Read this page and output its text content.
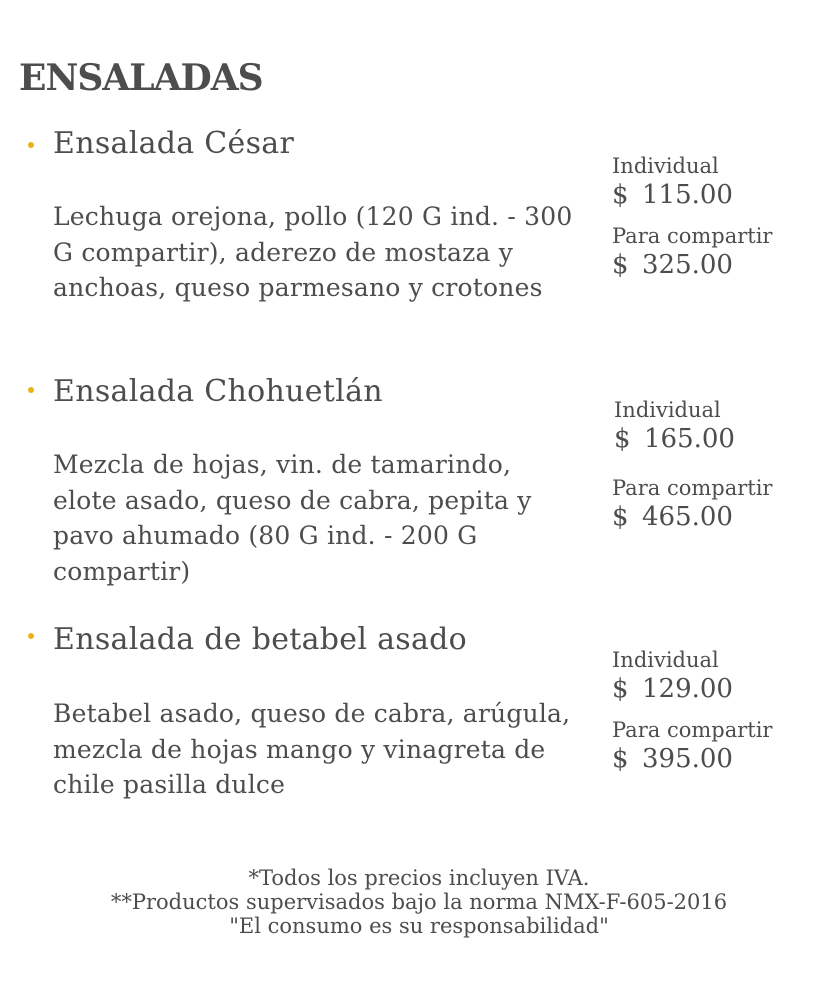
ENSALADAS
Ensalada César
Lechuga orejona, pollo (120 G ind. - 300 G compartir), aderezo de mostaza y anchoas, queso parmesano y crotones
Individual
$ 115.00
Para compartir
$ 325.00
Ensalada Chohuetlán
Mezcla de hojas, vin. de tamarindo, elote asado, queso de cabra, pepita y pavo ahumado (80 G ind. - 200 G compartir)
Individual
$ 165.00
Para compartir
$ 465.00
Ensalada de betabel asado
Betabel asado, queso de cabra, arúgula, mezcla de hojas mango y vinagreta de chile pasilla dulce
Individual
$ 129.00
Para compartir
$ 395.00
*Todos los precios incluyen IVA.
**Productos supervisados bajo la norma NMX-F-605-2016
"El consumo es su responsabilidad"
